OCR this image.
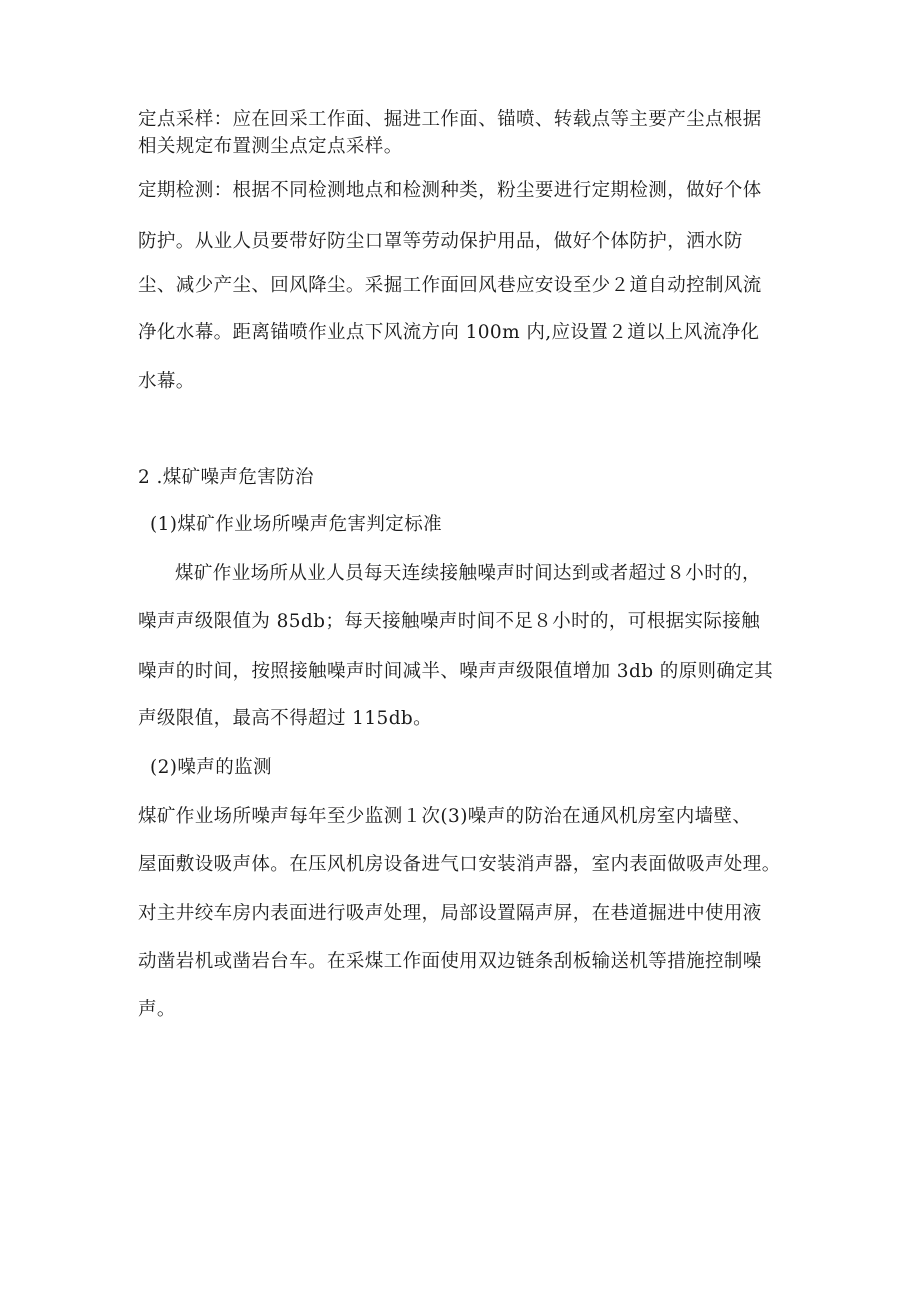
定点采样：应在回采工作面、掘进工作面、锚喷、转载点等主要产尘点根据
相关规定布置测尘点定点采样。
定期检测：根据不同检测地点和检测种类，粉尘要进行定期检测，做好个体
防护。从业人员要带好防尘口罩等劳动保护用品，做好个体防护，洒水防
尘、减少产尘、回风降尘。采掘工作面回风巷应安设至少２道自动控制风流
净化水幕。距离锚喷作业点下风流方向 100m 内,应设置２道以上风流净化
水幕。
2 .煤矿噪声危害防治
(1)煤矿作业场所噪声危害判定标准
煤矿作业场所从业人员每天连续接触噪声时间达到或者超过８小时的，
噪声声级限值为 85db；每天接触噪声时间不足８小时的，可根据实际接触
噪声的时间，按照接触噪声时间减半、噪声声级限值增加 3db 的原则确定其
声级限值，最高不得超过 115db。
(2)噪声的监测
煤矿作业场所噪声每年至少监测１次(3)噪声的防治在通风机房室内墙壁、
屋面敷设吸声体。在压风机房设备进气口安装消声器，室内表面做吸声处理。
对主井绞车房内表面进行吸声处理，局部设置隔声屏，在巷道掘进中使用液
动凿岩机或凿岩台车。在采煤工作面使用双边链条刮板输送机等措施控制噪
声。
